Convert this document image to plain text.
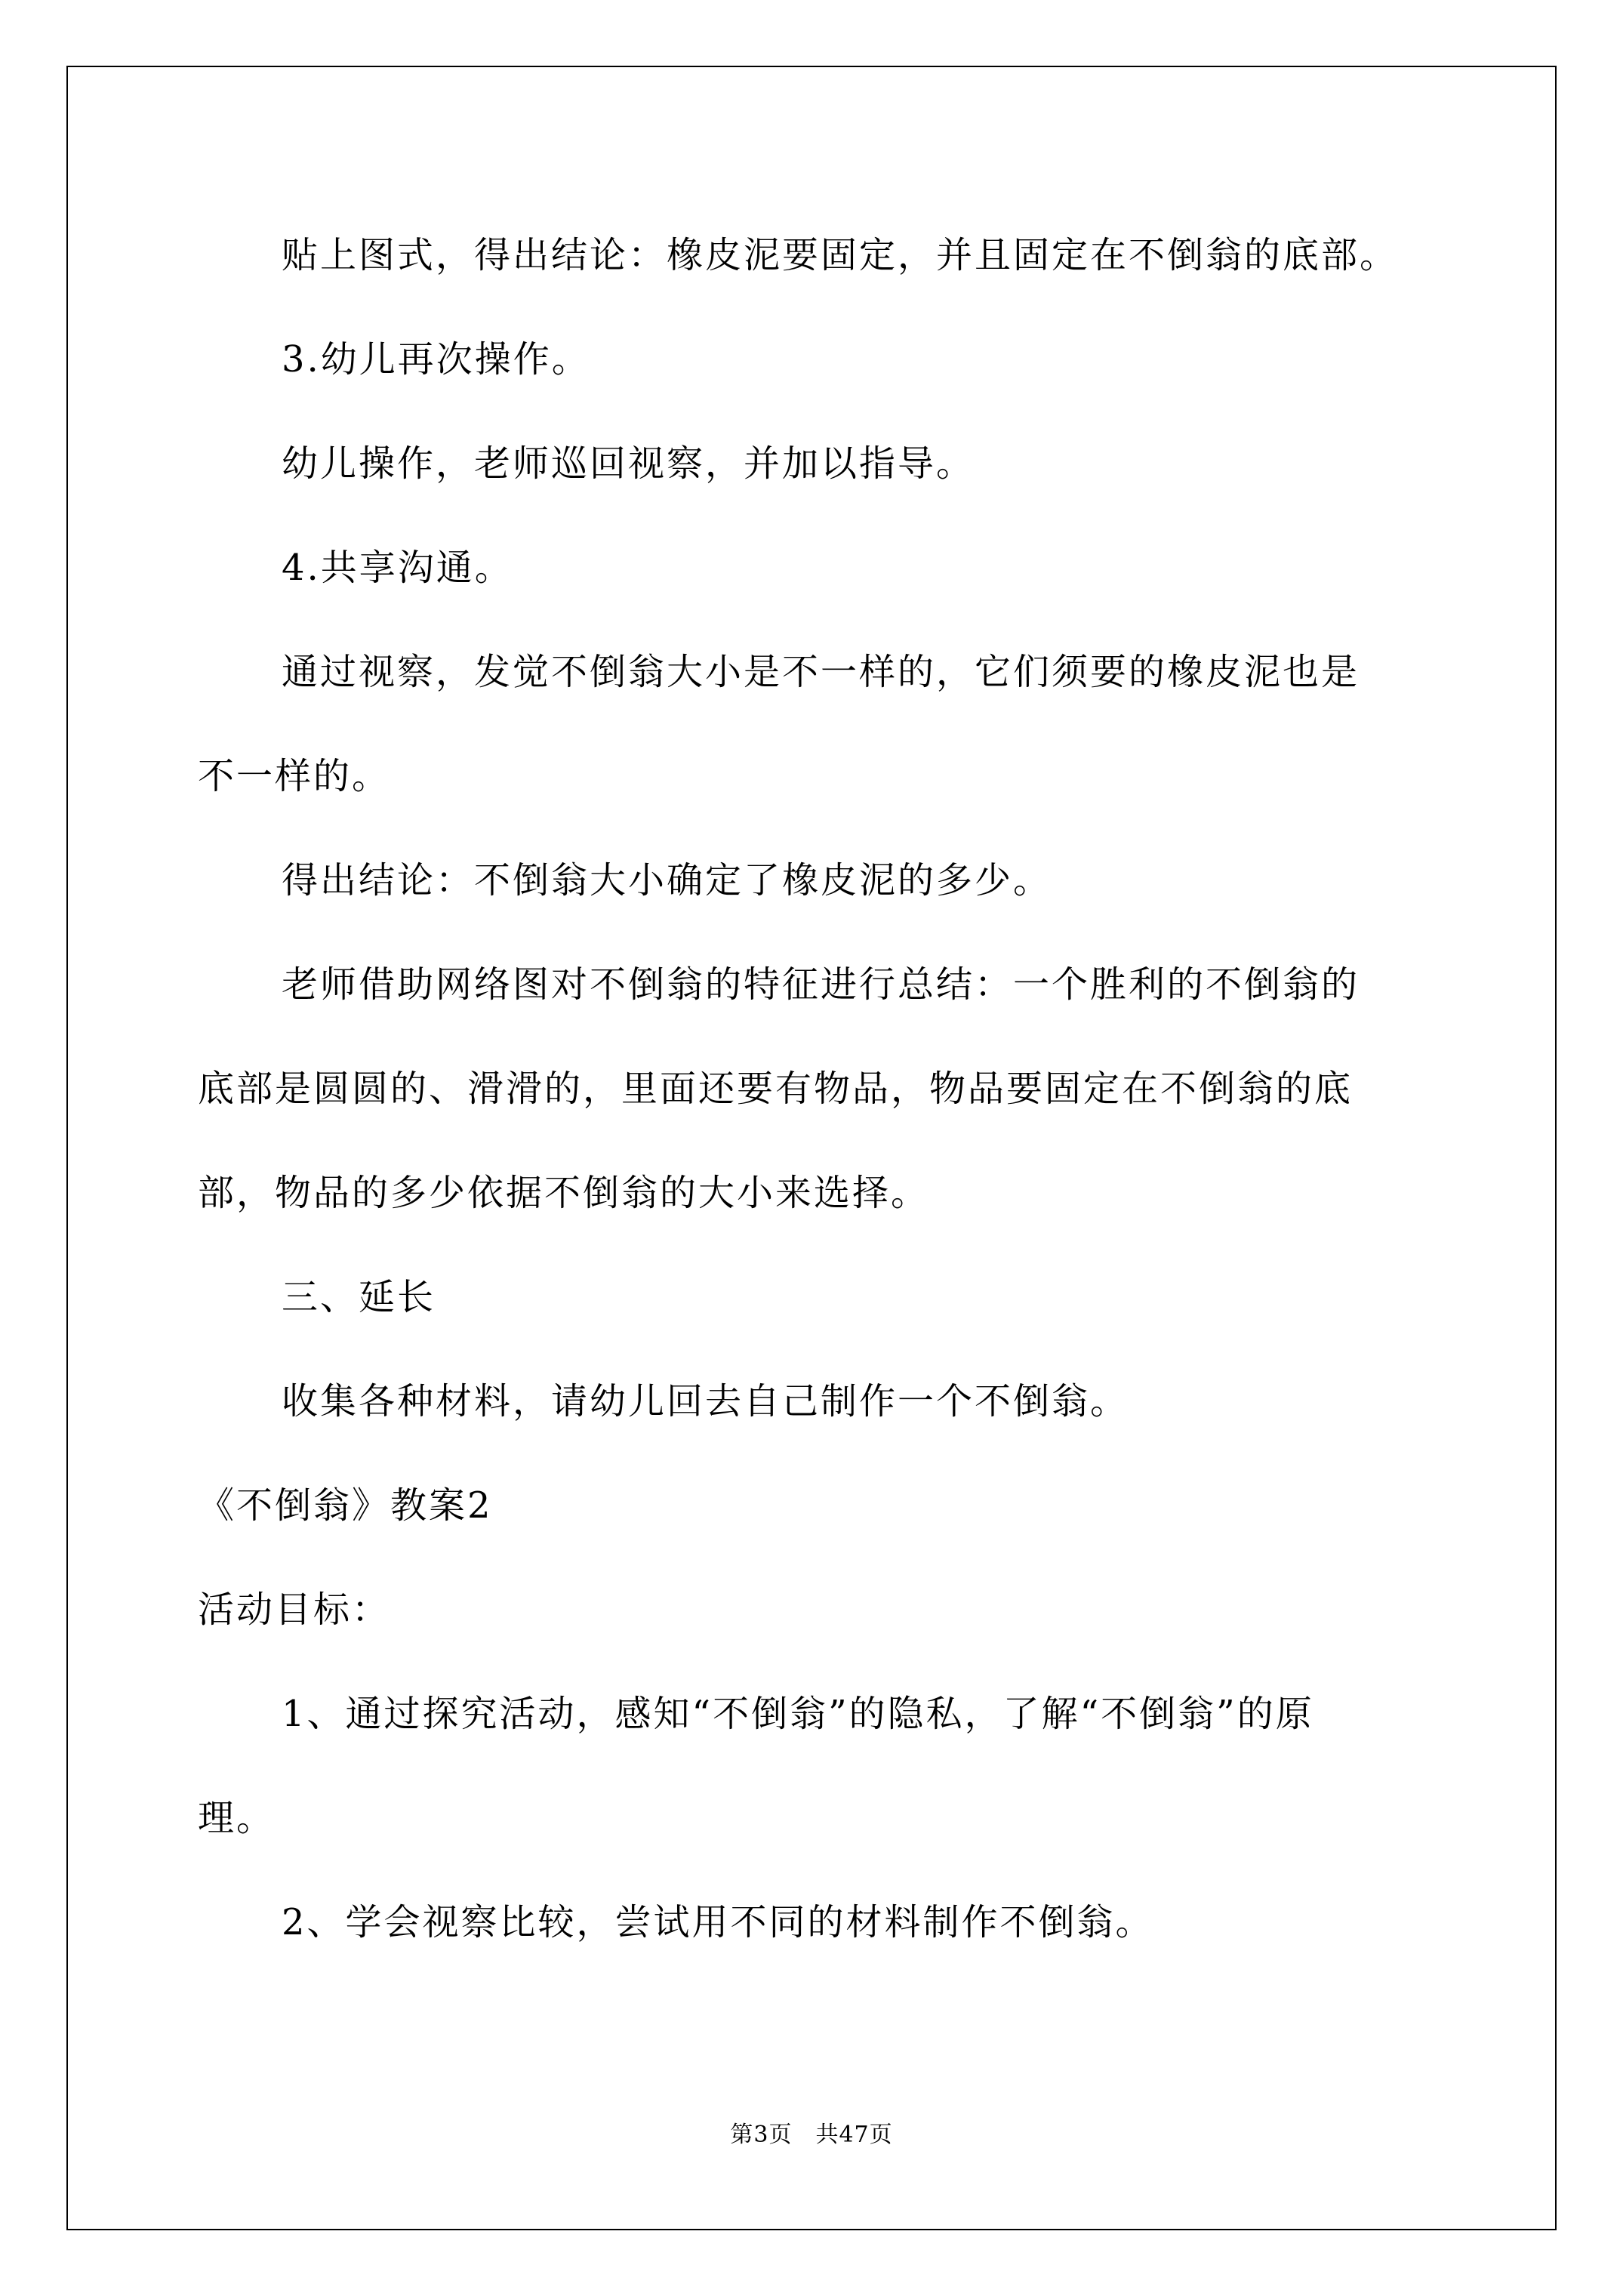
贴上图式，得出结论：橡皮泥要固定，并且固定在不倒翁的底部。
3.幼儿再次操作。
幼儿操作，老师巡回视察，并加以指导。
4.共享沟通。
通过视察，发觉不倒翁大小是不一样的，它们须要的橡皮泥也是
不一样的。
得出结论：不倒翁大小确定了橡皮泥的多少。
老师借助网络图对不倒翁的特征进行总结：一个胜利的不倒翁的
底部是圆圆的、滑滑的，里面还要有物品，物品要固定在不倒翁的底
部，物品的多少依据不倒翁的大小来选择。
三、延长
收集各种材料，请幼儿回去自己制作一个不倒翁。
《不倒翁》教案2
活动目标：
1、通过探究活动，感知“不倒翁”的隐私，了解“不倒翁”的原
理。
2、学会视察比较，尝试用不同的材料制作不倒翁。
第3页　共47页
